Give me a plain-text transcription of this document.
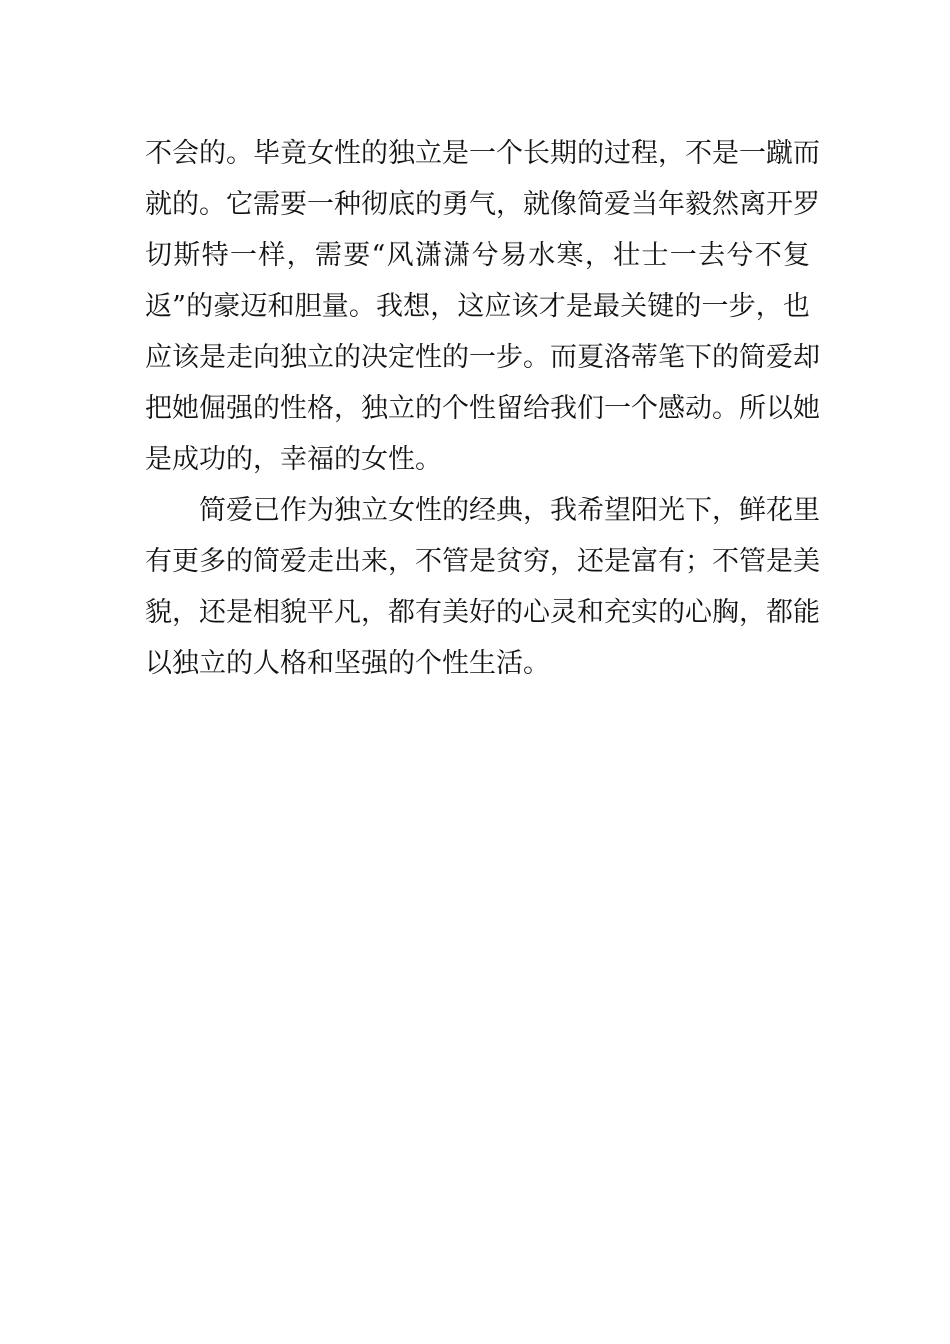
不 会 的 。 毕 竟 女 性 的 独 立 是 一 个 长 期 的 过 程 ， 不 是 一 蹴 而
就 的 。 它 需 要 一 种 彻 底 的 勇 气 ， 就 像 简 爱 当 年 毅 然 离 开 罗
切 斯 特 一 样 ， 需 要 “ 风 潇 潇 兮 易 水 寒 ， 壮 士 一 去 兮 不 复
返 ” 的 豪 迈 和 胆 量 。 我 想 ， 这 应 该 才 是 最 关 键 的 一 步 ， 也
应 该 是 走 向 独 立 的 决 定 性 的 一 步 。 而 夏 洛 蒂 笔 下 的 简 爱 却
把 她 倔 强 的 性 格 ， 独 立 的 个 性 留 给 我 们 一 个 感 动 。 所 以 她
是成功的，幸福的女性。
简 爱 已 作 为 独 立 女 性 的 经 典 ， 我 希 望 阳 光 下 ， 鲜 花 里
有 更 多 的 简 爱 走 出 来 ， 不 管 是 贫 穷 ， 还 是 富 有 ； 不 管 是 美
貌 ， 还 是 相 貌 平 凡 ， 都 有 美 好 的 心 灵 和 充 实 的 心 胸 ， 都 能
以独立的人格和坚强的个性生活。
